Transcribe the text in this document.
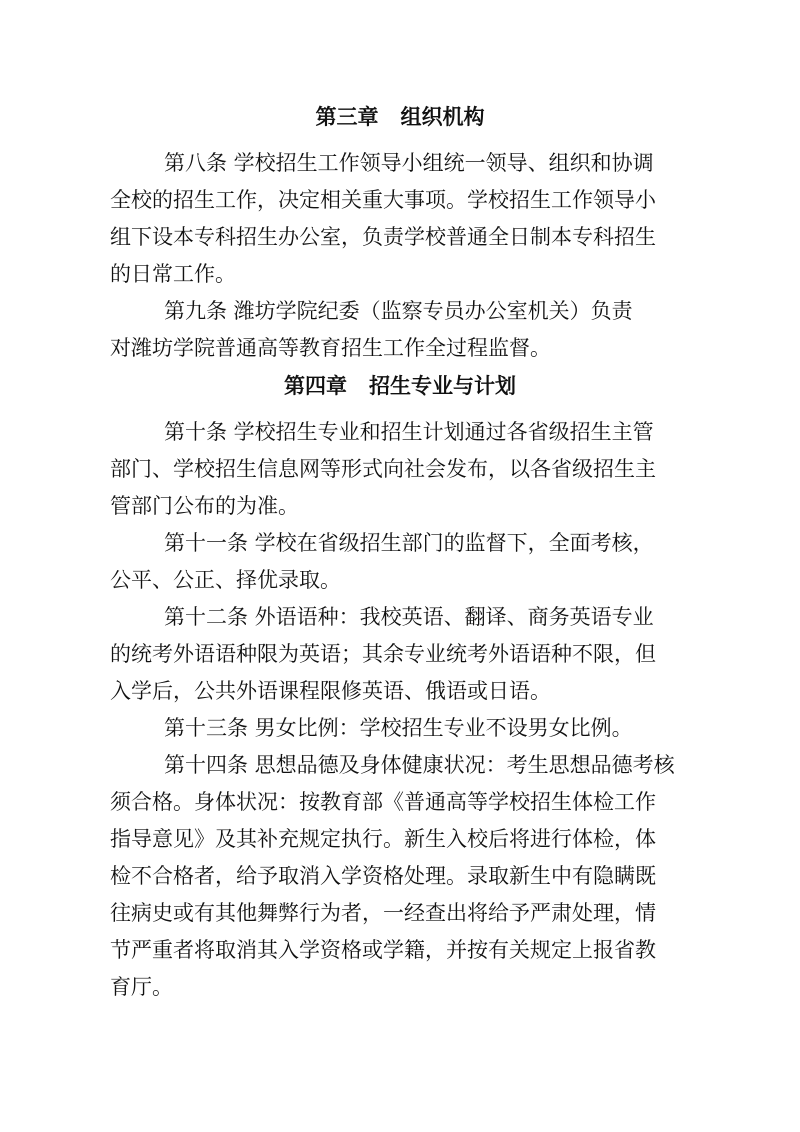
第三章   组织机构
第八条 学校招生工作领导小组统一领导、组织和协调
全校的招生工作，决定相关重大事项。学校招生工作领导小
组下设本专科招生办公室，负责学校普通全日制本专科招生
的日常工作。
第九条 潍坊学院纪委（监察专员办公室机关）负责
对潍坊学院普通高等教育招生工作全过程监督。
第四章   招生专业与计划
第十条 学校招生专业和招生计划通过各省级招生主管
部门、学校招生信息网等形式向社会发布，以各省级招生主
管部门公布的为准。
第十一条 学校在省级招生部门的监督下，全面考核，
公平、公正、择优录取。
第十二条 外语语种：我校英语、翻译、商务英语专业
的统考外语语种限为英语；其余专业统考外语语种不限，但
入学后，公共外语课程限修英语、俄语或日语。
第十三条 男女比例：学校招生专业不设男女比例。
第十四条 思想品德及身体健康状况：考生思想品德考核
须合格。身体状况：按教育部《普通高等学校招生体检工作
指导意见》及其补充规定执行。新生入校后将进行体检，体
检不合格者，给予取消入学资格处理。录取新生中有隐瞒既
往病史或有其他舞弊行为者，一经查出将给予严肃处理，情
节严重者将取消其入学资格或学籍，并按有关规定上报省教
育厅。
